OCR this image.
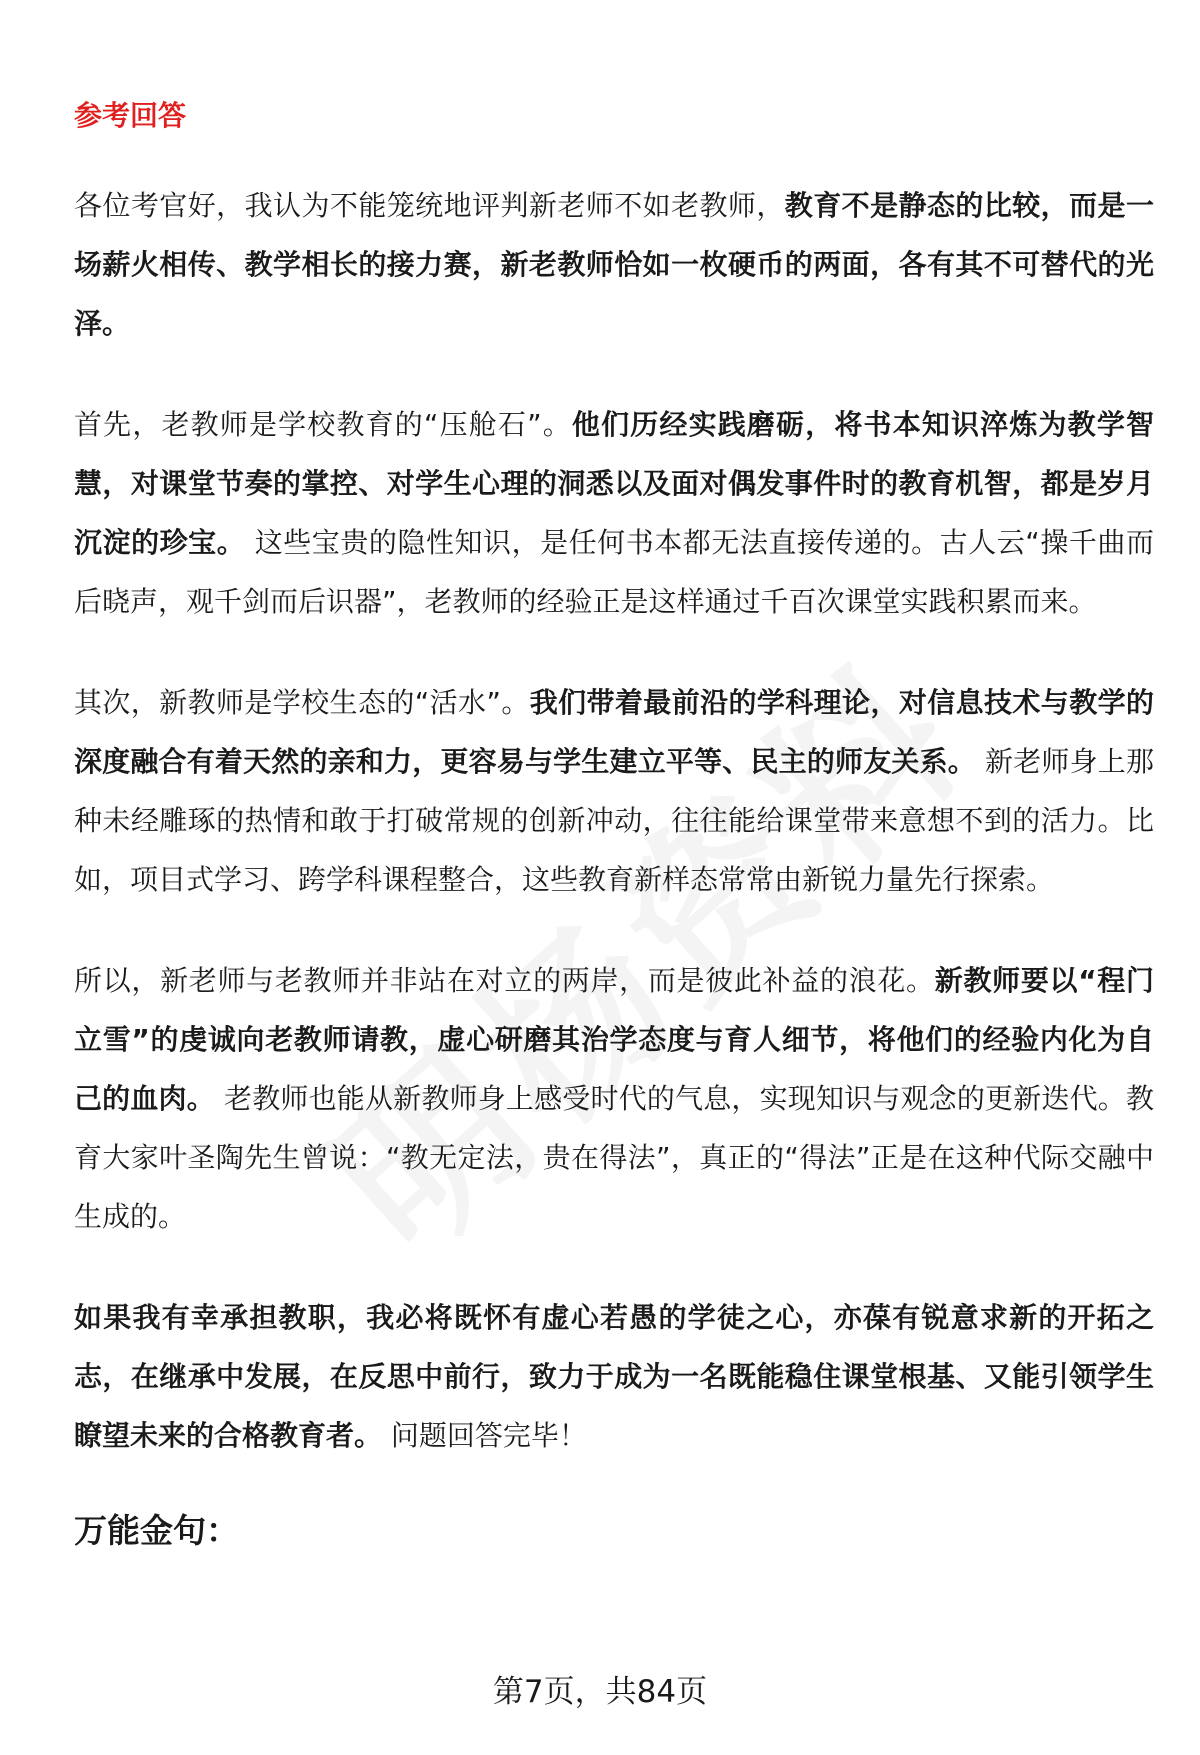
参考回答

各位考官好，我认为不能笼统地评判新老师不如老教师，教育不是静态的比较，而是一场薪火相传、教学相长的接力赛，新老教师恰如一枚硬币的两面，各有其不可替代的光泽。

首先，老教师是学校教育的“压舱石”。他们历经实践磨砺，将书本知识淬炼为教学智慧，对课堂节奏的掌控、对学生心理的洞悉以及面对偶发事件时的教育机智，都是岁月沉淀的珍宝。 这些宝贵的隐性知识，是任何书本都无法直接传递的。古人云“操千曲而后晓声，观千剑而后识器”，老教师的经验正是这样通过千百次课堂实践积累而来。

其次，新教师是学校生态的“活水”。我们带着最前沿的学科理论，对信息技术与教学的深度融合有着天然的亲和力，更容易与学生建立平等、民主的师友关系。 新老师身上那种未经雕琢的热情和敢于打破常规的创新冲动，往往能给课堂带来意想不到的活力。比如，项目式学习、跨学科课程整合，这些教育新样态常常由新锐力量先行探索。

所以，新老师与老教师并非站在对立的两岸，而是彼此补益的浪花。新教师要以“程门立雪”的虔诚向老教师请教，虚心研磨其治学态度与育人细节，将他们的经验内化为自己的血肉。 老教师也能从新教师身上感受时代的气息，实现知识与观念的更新迭代。教育大家叶圣陶先生曾说：“教无定法，贵在得法”，真正的“得法”正是在这种代际交融中生成的。

如果我有幸承担教职，我必将既怀有虚心若愚的学徒之心，亦葆有锐意求新的开拓之志，在继承中发展，在反思中前行，致力于成为一名既能稳住课堂根基、又能引领学生瞭望未来的合格教育者。 问题回答完毕！

万能金句：
第7页，共84页
